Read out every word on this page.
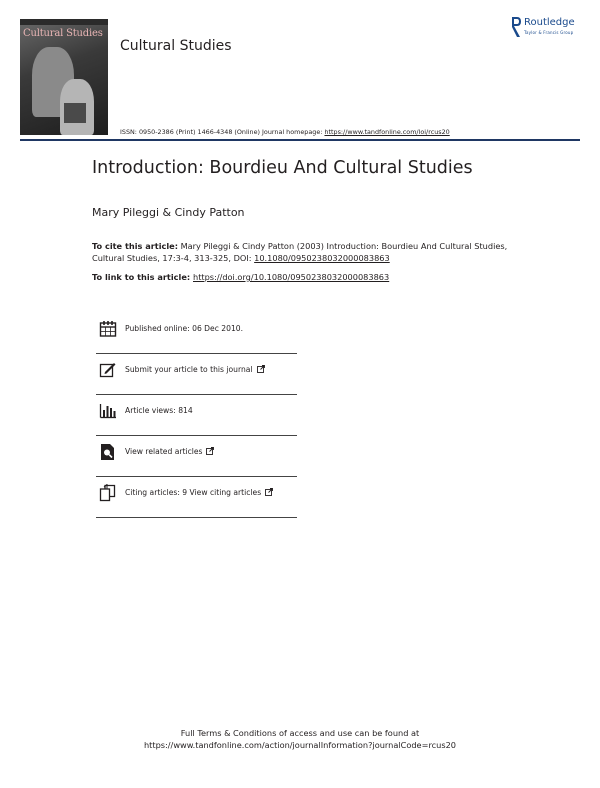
Cultural Studies
Cultural Studies
Routledge
Taylor & Francis Group
ISSN: 0950-2386 (Print) 1466-4348 (Online) Journal homepage: https://www.tandfonline.com/loi/rcus20
Introduction: Bourdieu And Cultural Studies
Mary Pileggi & Cindy Patton
To cite this article: Mary Pileggi & Cindy Patton (2003) Introduction: Bourdieu And Cultural Studies, Cultural Studies, 17:3-4, 313-325, DOI: 10.1080/0950238032000083863
To link to this article: https://doi.org/10.1080/0950238032000083863
Published online: 06 Dec 2010.
Submit your article to this journal
Article views: 814
View related articles
Citing articles: 9 View citing articles
Full Terms & Conditions of access and use can be found at
https://www.tandfonline.com/action/journalInformation?journalCode=rcus20
